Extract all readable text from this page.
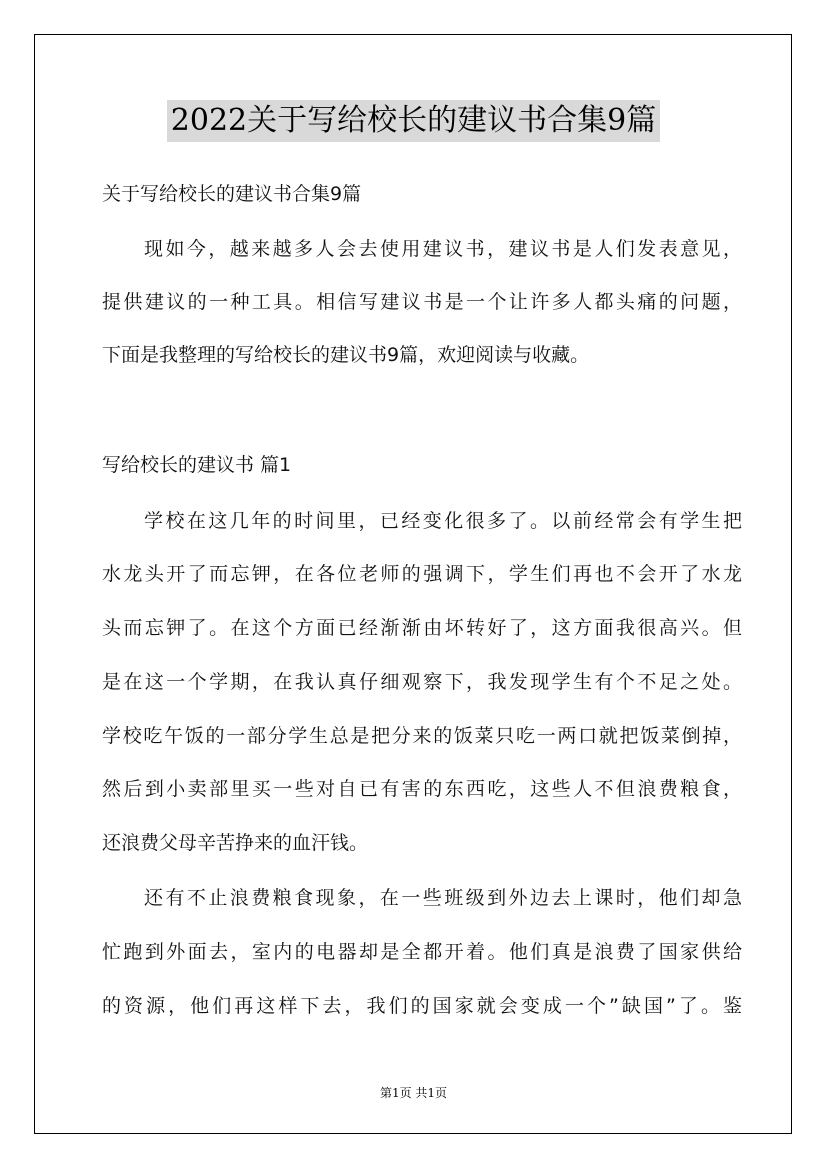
2022关于写给校长的建议书合集9篇

关于写给校长的建议书合集9篇

现如今，越来越多人会去使用建议书，建议书是人们发表意见，

提供建议的一种工具。相信写建议书是一个让许多人都头痛的问题，

下面是我整理的写给校长的建议书9篇，欢迎阅读与收藏。

写给校长的建议书 篇1

学校在这几年的时间里，已经变化很多了。以前经常会有学生把

水龙头开了而忘钾，在各位老师的强调下，学生们再也不会开了水龙

头而忘钾了。在这个方面已经渐渐由坏转好了，这方面我很高兴。但

是在这一个学期，在我认真仔细观察下，我发现学生有个不足之处。

学校吃午饭的一部分学生总是把分来的饭菜只吃一两口就把饭菜倒掉，

然后到小卖部里买一些对自已有害的东西吃，这些人不但浪费粮食，

还浪费父母辛苦挣来的血汗钱。

还有不止浪费粮食现象，在一些班级到外边去上课时，他们却急

忙跑到外面去，室内的电器却是全都开着。他们真是浪费了国家供给

的资源，他们再这样下去，我们的国家就会变成一个”缺国”了。鉴

第1页 共1页
